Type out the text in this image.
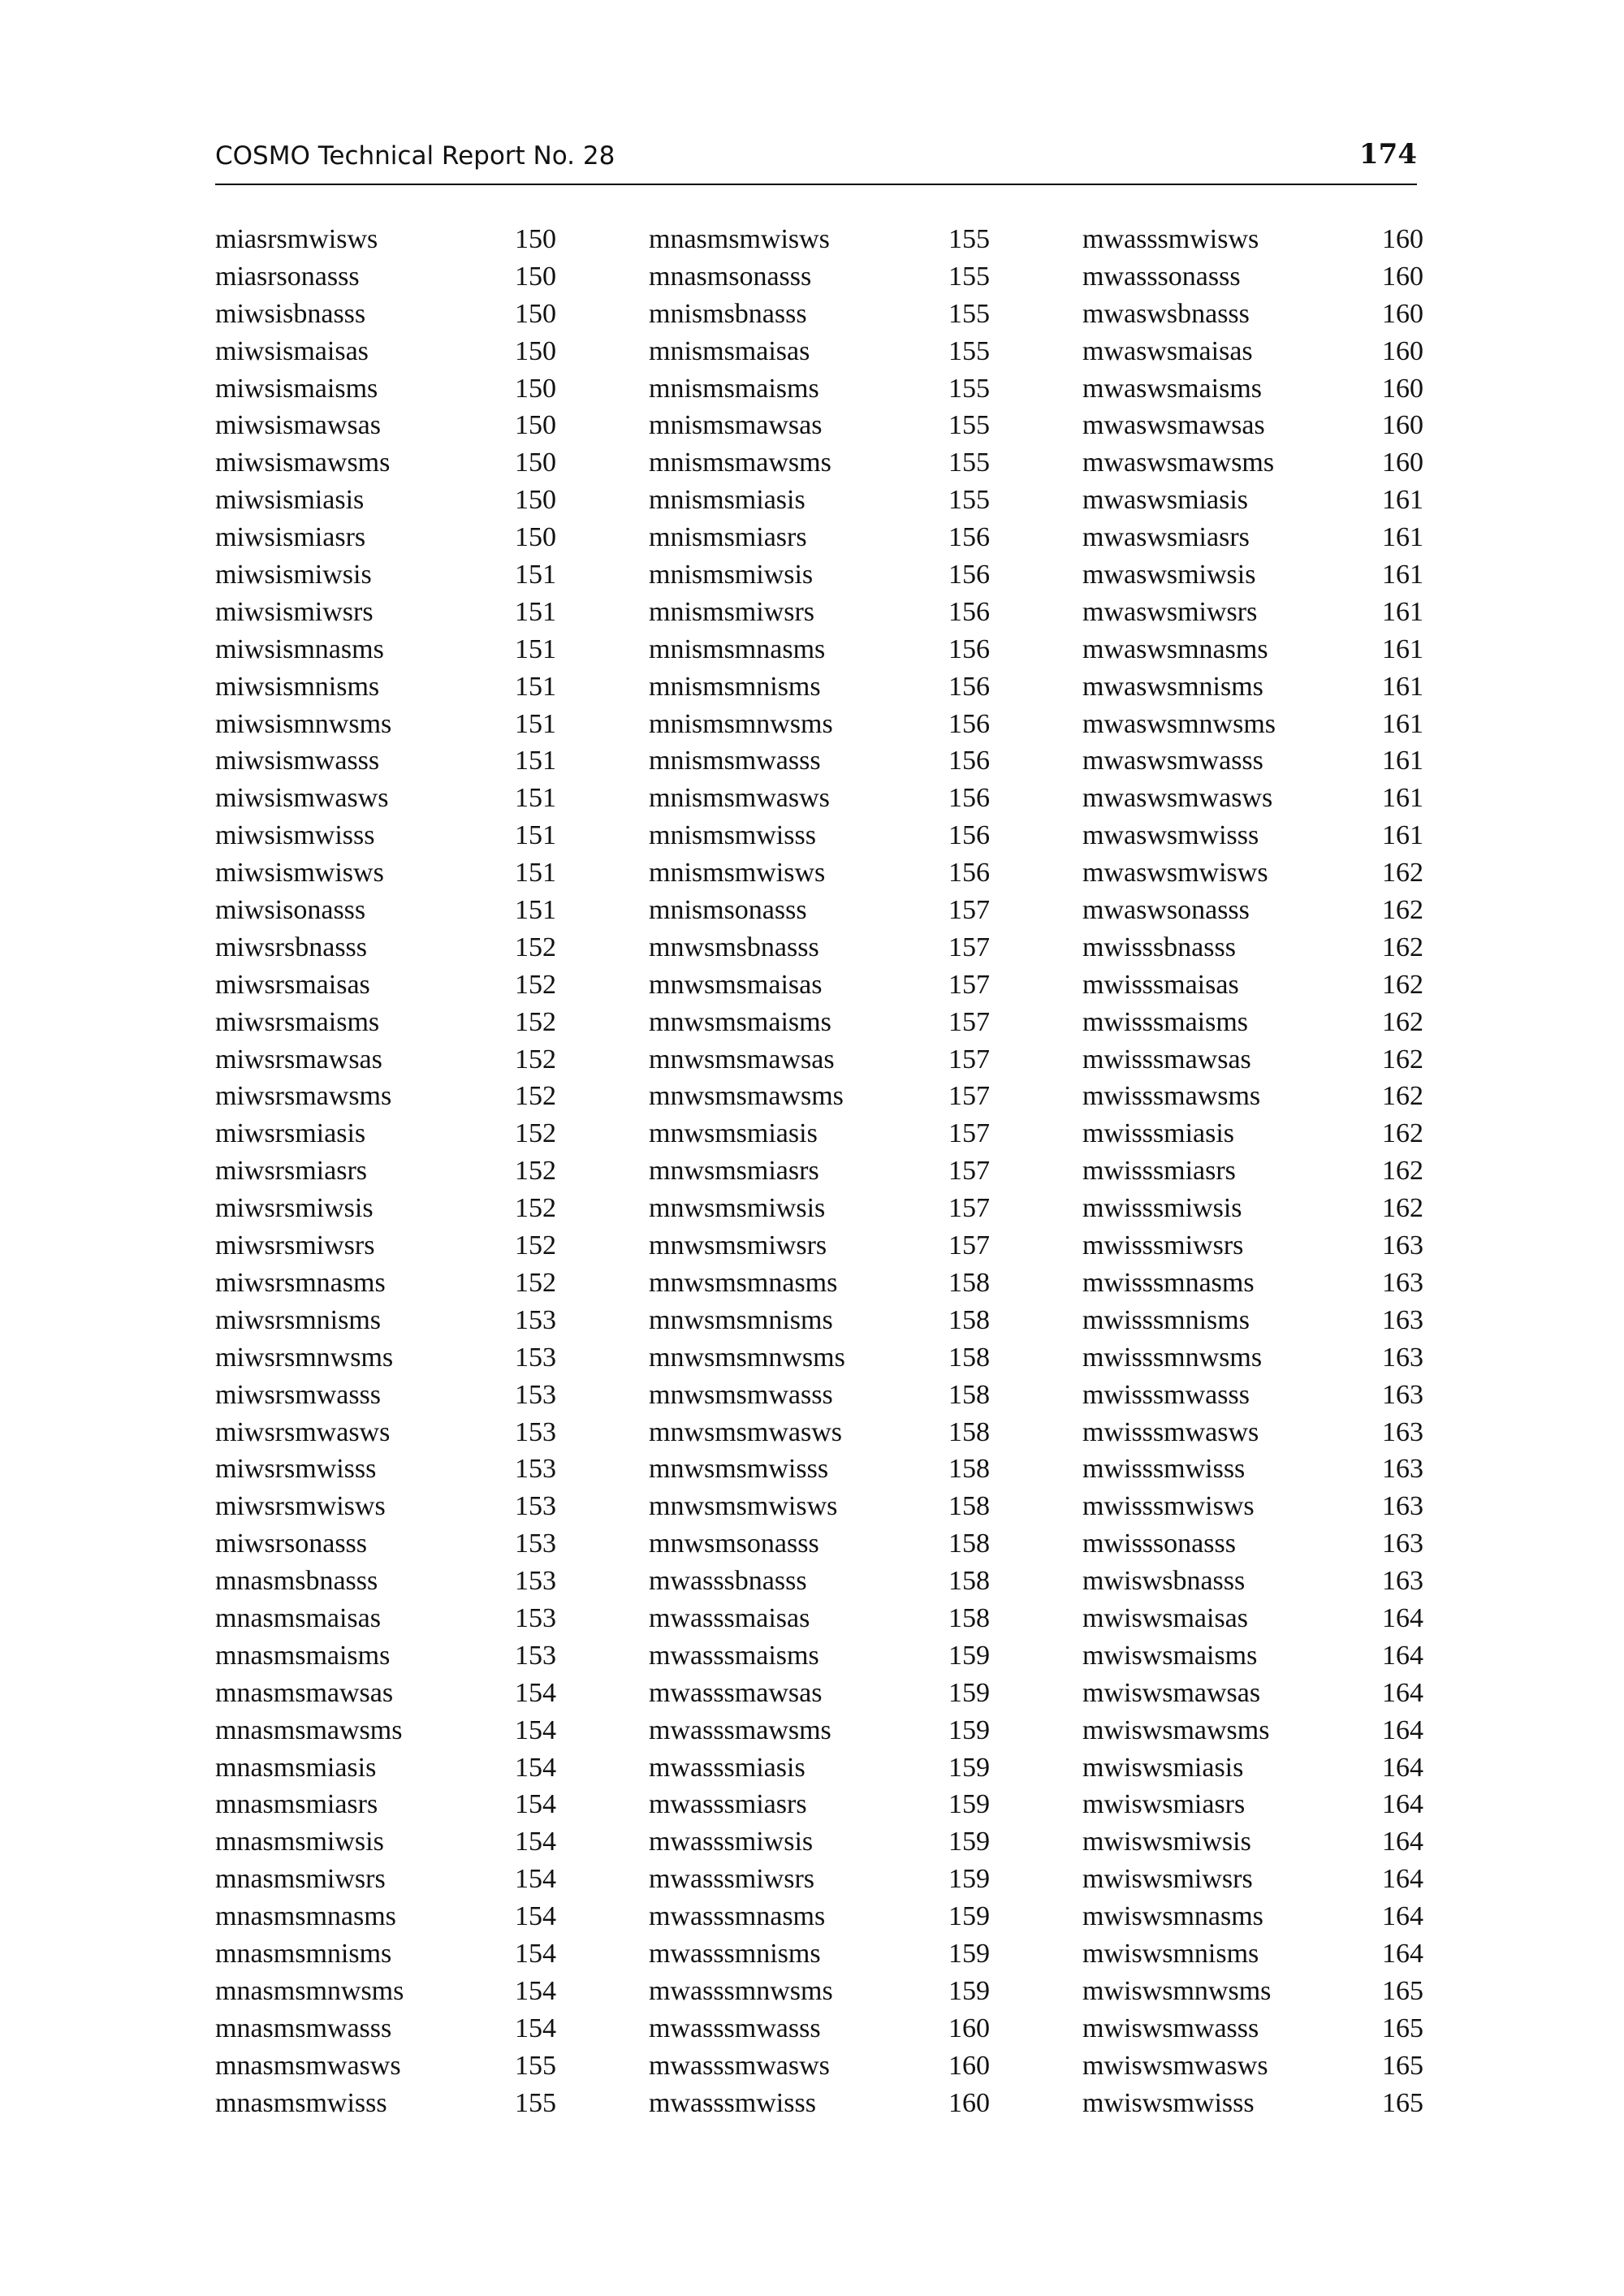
COSMO Technical Report No. 28	174
miasrsmwisws	150
miasrsonasss	150
miwsisbnasss	150
miwsismaisas	150
miwsismaisms	150
miwsismawsas	150
miwsismawsms	150
miwsismiasis	150
miwsismiasrs	150
miwsismiwsis	151
miwsismiwsrs	151
miwsismnasms	151
miwsismnisms	151
miwsismnwsms	151
miwsismwasss	151
miwsismwasws	151
miwsismwisss	151
miwsismwisws	151
miwsisonasss	151
miwsrsbnasss	152
miwsrsmaisas	152
miwsrsmaisms	152
miwsrsmawsas	152
miwsrsmawsms	152
miwsrsmiasis	152
miwsrsmiasrs	152
miwsrsmiwsis	152
miwsrsmiwsrs	152
miwsrsmnasms	152
miwsrsmnisms	153
miwsrsmnwsms	153
miwsrsmwasss	153
miwsrsmwasws	153
miwsrsmwisss	153
miwsrsmwisws	153
miwsrsonasss	153
mnasmsbnasss	153
mnasmsmaisas	153
mnasmsmaisms	153
mnasmsmawsas	154
mnasmsmawsms	154
mnasmsmiasis	154
mnasmsmiasrs	154
mnasmsmiwsis	154
mnasmsmiwsrs	154
mnasmsmnasms	154
mnasmsmnisms	154
mnasmsmnwsms	154
mnasmsmwasss	154
mnasmsmwasws	155
mnasmsmwisss	155
mnasmsmwisws	155
mnasmsonasss	155
mnismsbnasss	155
mnismsmaisas	155
mnismsmaisms	155
mnismsmawsas	155
mnismsmawsms	155
mnismsmiasis	155
mnismsmiasrs	156
mnismsmiwsis	156
mnismsmiwsrs	156
mnismsmnasms	156
mnismsmnisms	156
mnismsmnwsms	156
mnismsmwasss	156
mnismsmwasws	156
mnismsmwisss	156
mnismsmwisws	156
mnismsonasss	157
mnwsmsbnasss	157
mnwsmsmaisas	157
mnwsmsmaisms	157
mnwsmsmawsas	157
mnwsmsmawsms	157
mnwsmsmiasis	157
mnwsmsmiasrs	157
mnwsmsmiwsis	157
mnwsmsmiwsrs	157
mnwsmsmnasms	158
mnwsmsmnisms	158
mnwsmsmnwsms	158
mnwsmsmwasss	158
mnwsmsmwasws	158
mnwsmsmwisss	158
mnwsmsmwisws	158
mnwsmsonasss	158
mwasssbnasss	158
mwasssmaisas	158
mwasssmaisms	159
mwasssmawsas	159
mwasssmawsms	159
mwasssmiasis	159
mwasssmiasrs	159
mwasssmiwsis	159
mwasssmiwsrs	159
mwasssmnasms	159
mwasssmnisms	159
mwasssmnwsms	159
mwasssmwasss	160
mwasssmwasws	160
mwasssmwisss	160
mwasssmwisws	160
mwasssonasss	160
mwaswsbnasss	160
mwaswsmaisas	160
mwaswsmaisms	160
mwaswsmawsas	160
mwaswsmawsms	160
mwaswsmiasis	161
mwaswsmiasrs	161
mwaswsmiwsis	161
mwaswsmiwsrs	161
mwaswsmnasms	161
mwaswsmnisms	161
mwaswsmnwsms	161
mwaswsmwasss	161
mwaswsmwasws	161
mwaswsmwisss	161
mwaswsmwisws	162
mwaswsonasss	162
mwisssbnasss	162
mwisssmaisas	162
mwisssmaisms	162
mwisssmawsas	162
mwisssmawsms	162
mwisssmiasis	162
mwisssmiasrs	162
mwisssmiwsis	162
mwisssmiwsrs	163
mwisssmnasms	163
mwisssmnisms	163
mwisssmnwsms	163
mwisssmwasss	163
mwisssmwasws	163
mwisssmwisss	163
mwisssmwisws	163
mwisssonasss	163
mwiswsbnasss	163
mwiswsmaisas	164
mwiswsmaisms	164
mwiswsmawsas	164
mwiswsmawsms	164
mwiswsmiasis	164
mwiswsmiasrs	164
mwiswsmiwsis	164
mwiswsmiwsrs	164
mwiswsmnasms	164
mwiswsmnisms	164
mwiswsmnwsms	165
mwiswsmwasss	165
mwiswsmwasws	165
mwiswsmwisss	165
